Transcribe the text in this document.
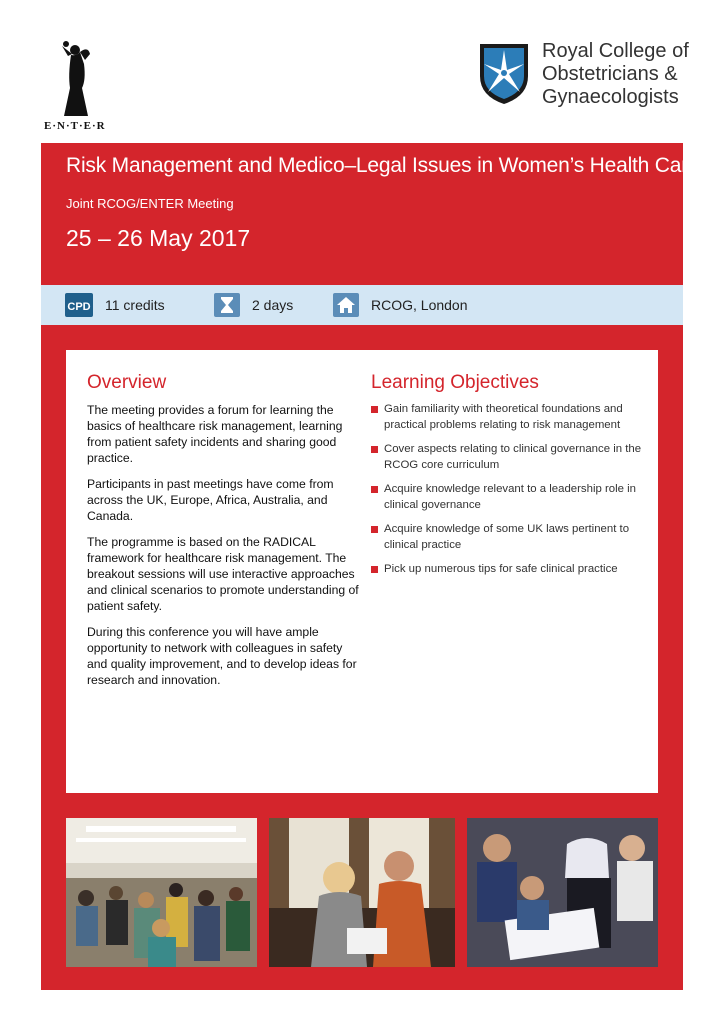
E·N·T·E·R
Royal College of
Obstetricians &
Gynaecologists
Risk Management and Medico–Legal Issues in Women’s Health Care
Joint RCOG/ENTER Meeting
25 – 26 May 2017
CPD 11 credits	2 days	RCOG, London
Overview

The meeting provides a forum for learning the basics of healthcare risk management, learning from patient safety incidents and sharing good practice.

Participants in past meetings have come from across the UK, Europe, Africa, Australia, and Canada.

The programme is based on the RADICAL framework for healthcare risk management. The breakout sessions will use interactive approaches and clinical scenarios to promote understanding of patient safety.

During this conference you will have ample opportunity to network with colleagues in safety and quality improvement, and to develop ideas for research and innovation.

Learning Objectives
Gain familiarity with theoretical foundations and practical problems relating to risk management
Cover aspects relating to clinical governance in the RCOG core curriculum
Acquire knowledge relevant to a leadership role in clinical governance
Acquire knowledge of some UK laws pertinent to clinical practice
Pick up numerous tips for safe clinical practice
